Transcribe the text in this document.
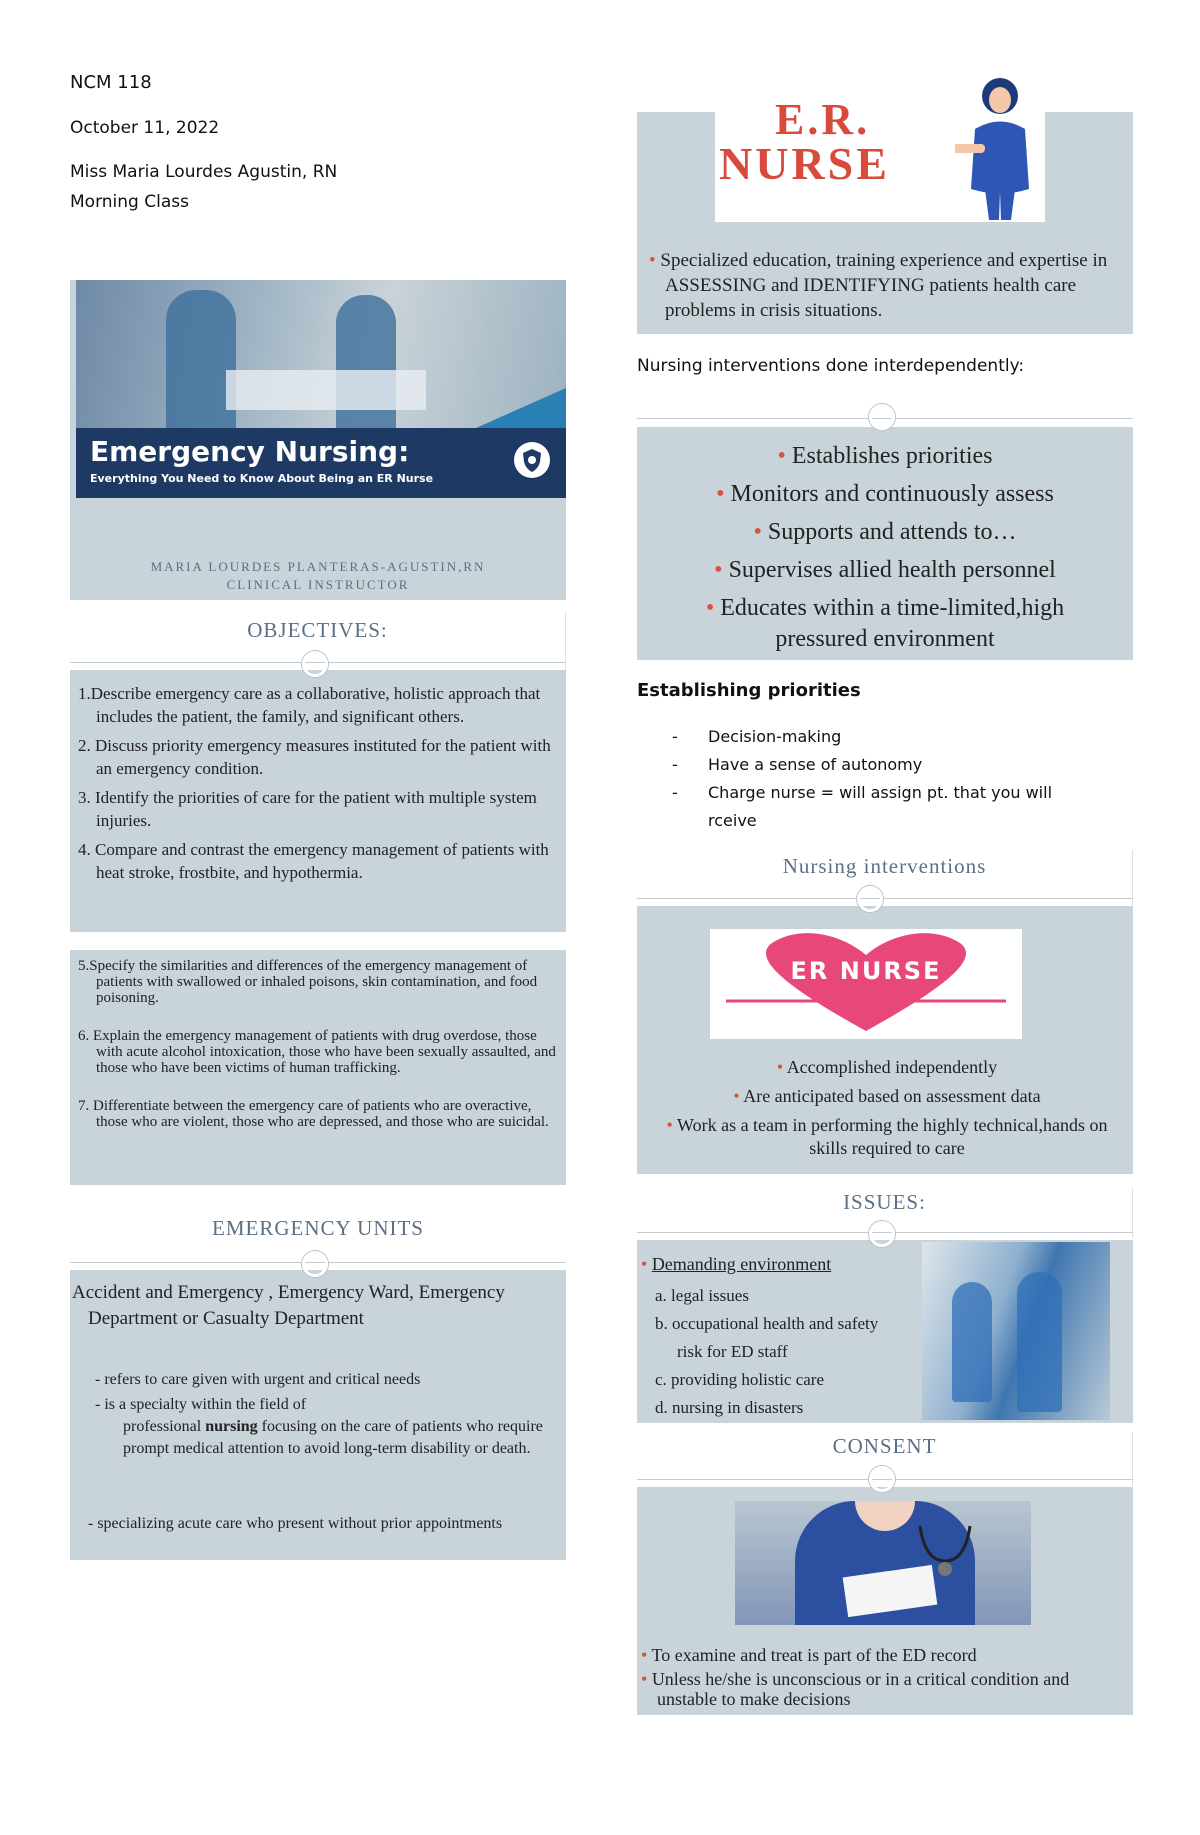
NCM 118
October 11, 2022
Miss Maria Lourdes Agustin, RN
Morning Class
Emergency Nursing:
Everything You Need to Know About Being an ER Nurse
MARIA LOURDES PLANTERAS-AGUSTIN,RN
CLINICAL INSTRUCTOR
OBJECTIVES:

1.Describe emergency care as a collaborative, holistic approach that includes the patient, the family, and significant others.

2. Discuss priority emergency measures instituted for the patient with an emergency condition.

3. Identify the priorities of care for the patient with multiple system injuries.

4. Compare and contrast the emergency management of patients with heat stroke, frostbite, and hypothermia.

5.Specify the similarities and differences of the emergency management of patients with swallowed or inhaled poisons, skin contamination, and food poisoning.

6. Explain the emergency management of patients with drug overdose, those with acute alcohol intoxication, those who have been sexually assaulted, and those who have been victims of human trafficking.

7. Differentiate between the emergency care of patients who are overactive, those who are violent, those who are depressed, and those who are suicidal.

EMERGENCY UNITS
Accident and Emergency , Emergency Ward, Emergency Department or Casualty Department
- refers to care given with urgent and critical needs
- is a specialty within the field of
professional nursing focusing on the care of patients who require prompt medical attention to avoid long-term disability or death.
- specializing acute care who present without prior appointments
E.R.
NURSE
• Specialized education, training experience and expertise in ASSESSING and IDENTIFYING patients health care problems in crisis situations.
Nursing interventions done interdependently:
• Establishes priorities
• Monitors and continuously assess
• Supports and attends to…
• Supervises allied health personnel
• Educates within a time-limited,high pressured environment
Establishing priorities
- Decision-making
- Have a sense of autonomy
- Charge nurse = will assign pt. that you will rceive
Nursing interventions
ER NURSE
• Accomplished independently
• Are anticipated based on assessment data
• Work as a team in performing the highly technical,hands on skills required to care
ISSUES:
• Demanding environment
a. legal issues
b. occupational health and safety risk for ED staff
c. providing holistic care
d. nursing in disasters
CONSENT
• To examine and treat is part of the ED record
• Unless he/she is unconscious or in a critical condition and unstable to make decisions
